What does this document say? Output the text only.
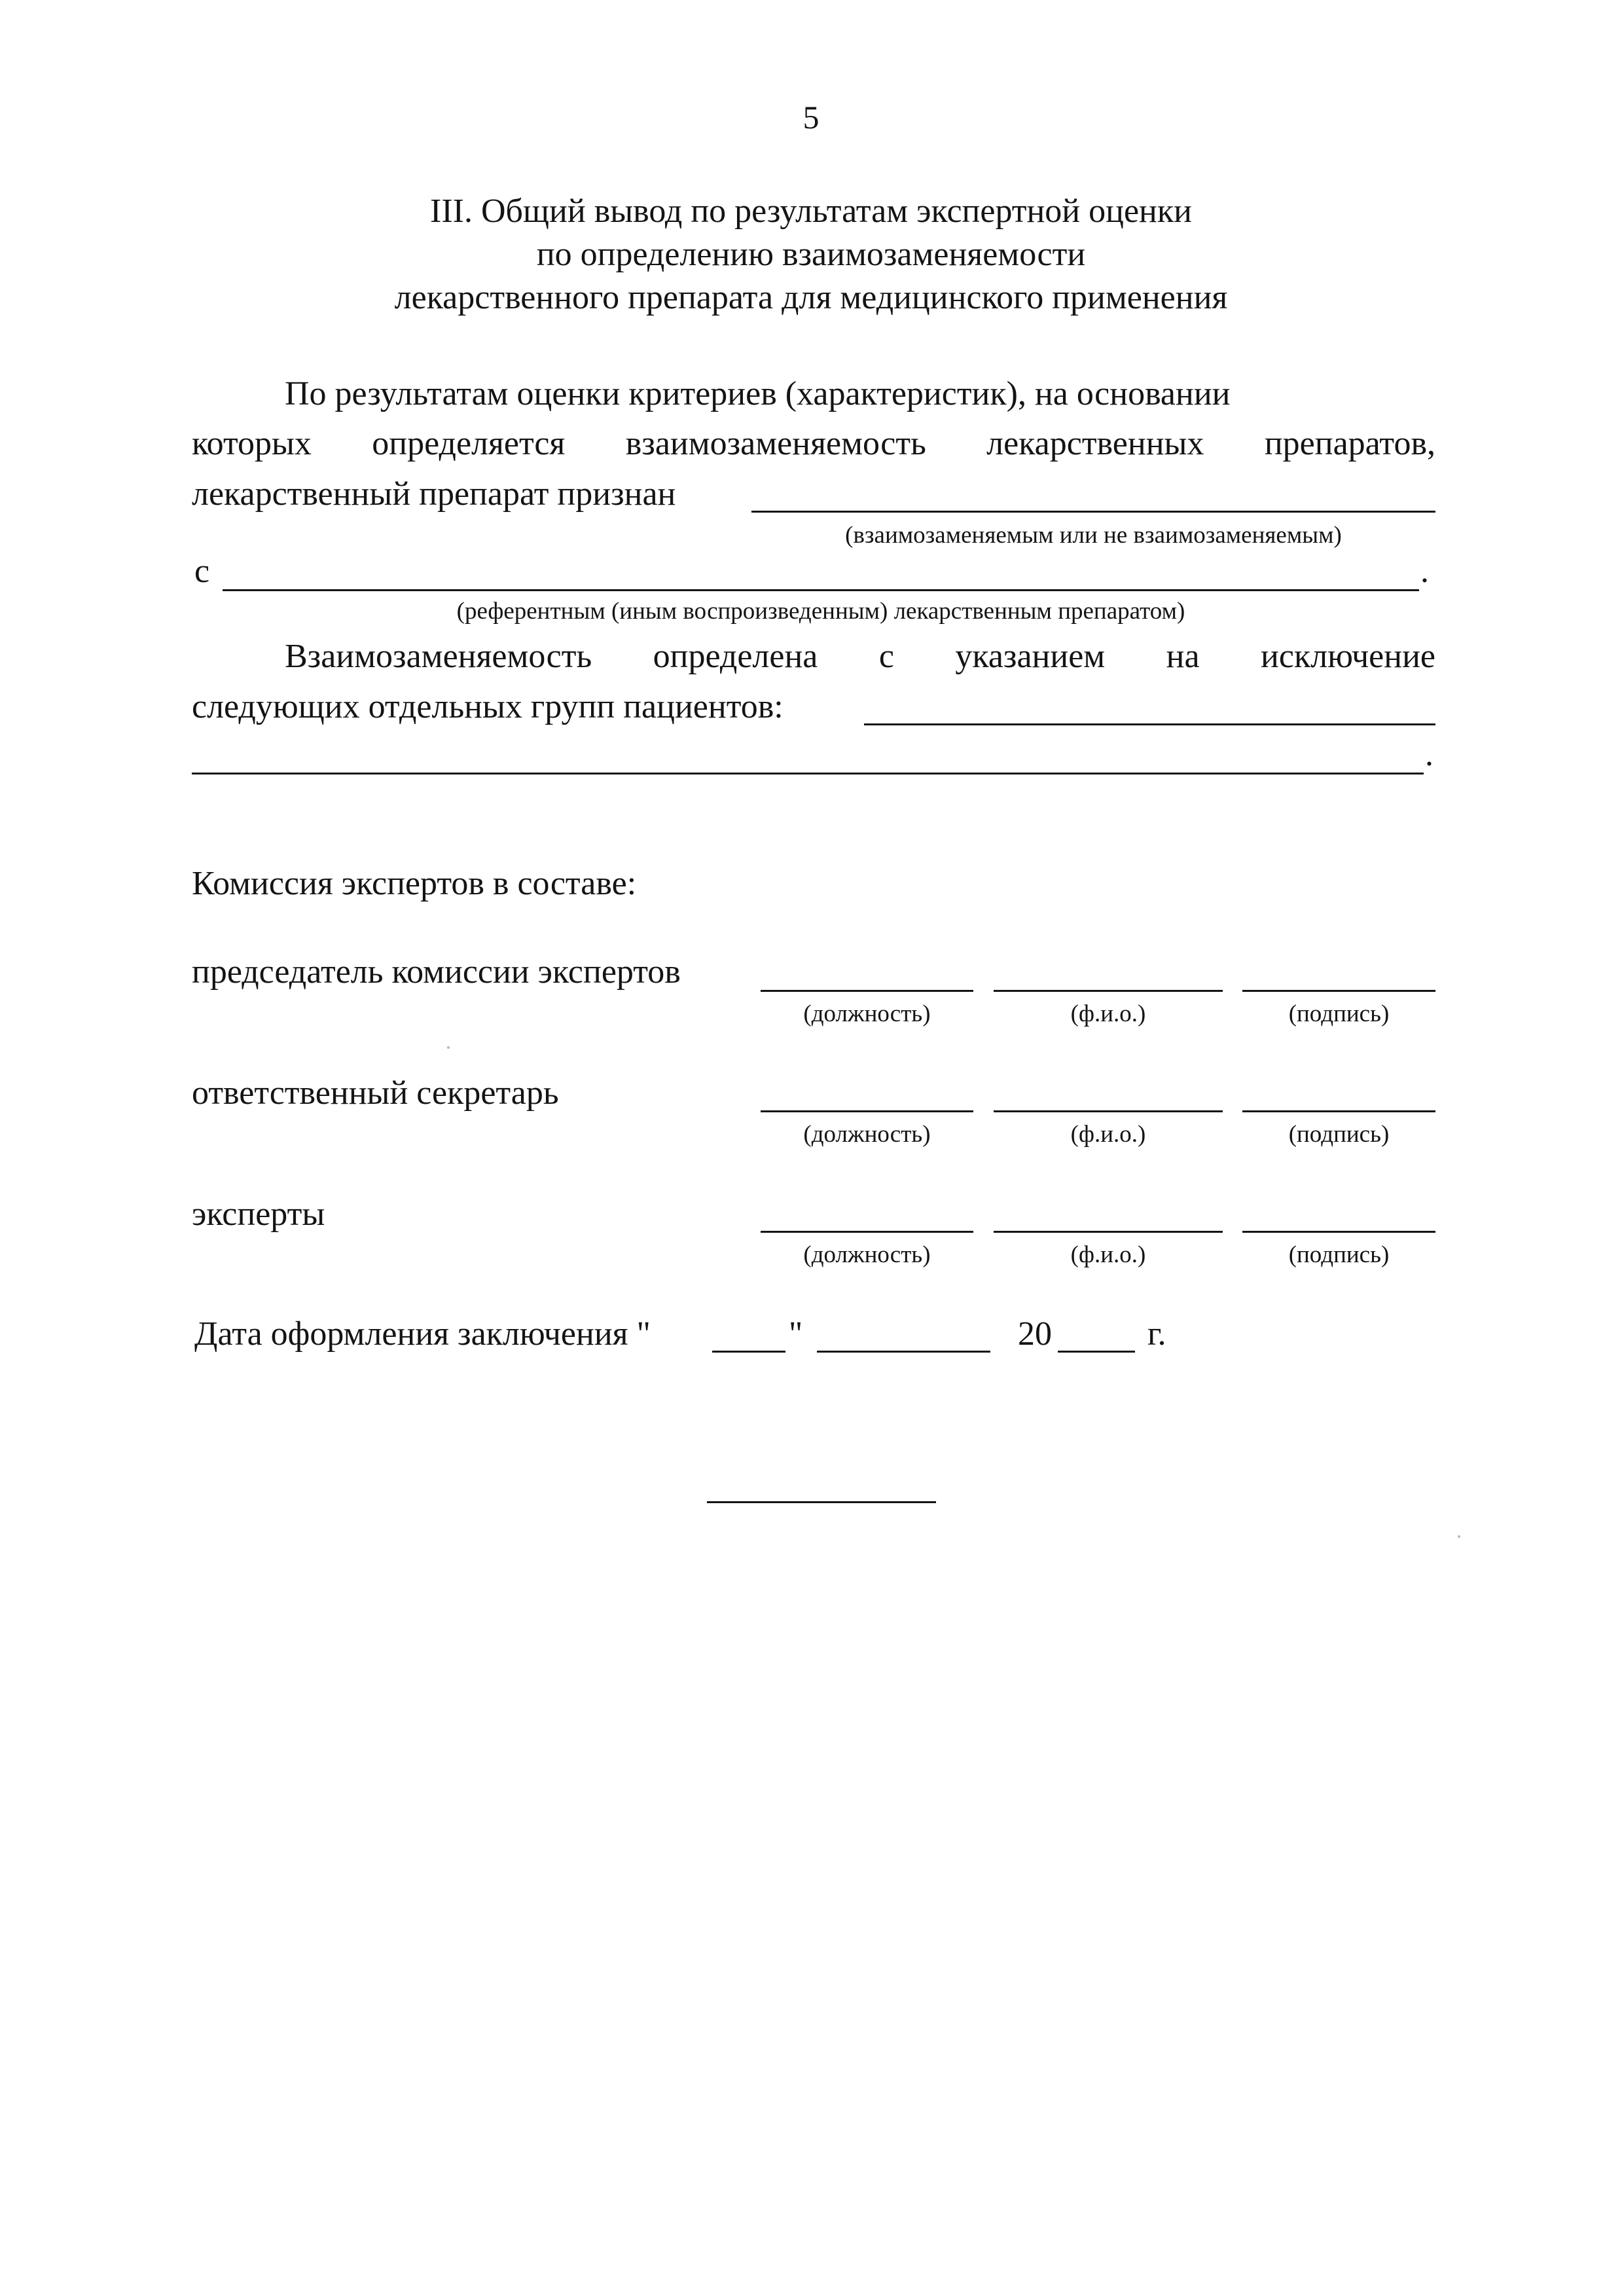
5
III. Общий вывод по результатам экспертной оценки
по определению взаимозаменяемости
лекарственного препарата для медицинского применения
По результатам оценки критериев (характеристик), на основании
которых определяется взаимозаменяемость лекарственных препаратов,
лекарственный препарат признан
(взаимозаменяемым или не взаимозаменяемым)
с	.
(референтным (иным воспроизведенным) лекарственным препаратом)
Взаимозаменяемость определена с указанием на исключение
следующих отдельных групп пациентов:
.
Комиссия экспертов в составе:
председатель комиссии экспертов
(должность)	(ф.и.о.)	(подпись)
ответственный секретарь
(должность)	(ф.и.о.)	(подпись)
эксперты
(должность)	(ф.и.о.)	(подпись)
Дата оформления заключения "	"	20	г.
